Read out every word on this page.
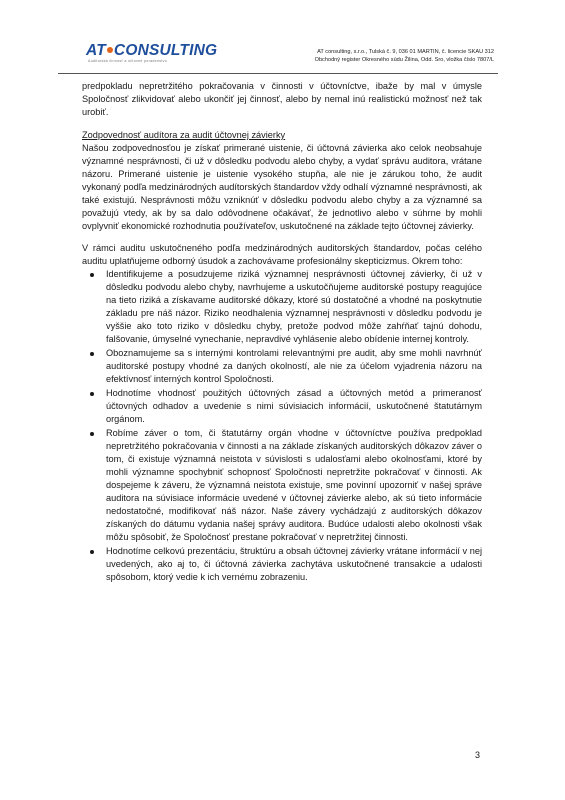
AT CONSULTING
Auditorská činnosť a účtovné poradenstvo
AT consulting, s.r.o., Tulská č. 9, 036 01 MARTIN, č. licencie SKAU 312
Obchodný register Okresného súdu Žilina, Odd. Sro, vložka číslo 7807/L

predpokladu nepretržitého pokračovania v činnosti v účtovníctve, ibaže by mal v úmysle Spoločnosť zlikvidovať alebo ukončiť jej činnosť, alebo by nemal inú realistickú možnosť než tak urobiť.

Zodpovednosť audítora za audit účtovnej závierky

Našou zodpovednosťou je získať primerané uistenie, či účtovná závierka ako celok neobsahuje významné nesprávnosti, či už v dôsledku podvodu alebo chyby, a vydať správu auditora, vrátane názoru. Primerané uistenie je uistenie vysokého stupňa, ale nie je zárukou toho, že audit vykonaný podľa medzinárodných audítorských štandardov vždy odhalí významné nesprávnosti, ak také existujú. Nesprávnosti môžu vzniknúť v dôsledku podvodu alebo chyby a za významné sa považujú vtedy, ak by sa dalo odôvodnene očakávať, že jednotlivo alebo v súhrne by mohli ovplyvniť ekonomické rozhodnutia používateľov, uskutočnené na základe tejto účtovnej závierky.

V rámci auditu uskutočneného podľa medzinárodných auditorských štandardov, počas celého auditu uplatňujeme odborný úsudok a zachovávame profesionálny skepticizmus. Okrem toho:

Identifikujeme a posudzujeme riziká významnej nesprávnosti účtovnej závierky, či už v dôsledku podvodu alebo chyby, navrhujeme a uskutočňujeme auditorské postupy reagujúce na tieto riziká a získavame auditorské dôkazy, ktoré sú dostatočné a vhodné na poskytnutie základu pre náš názor. Riziko neodhalenia významnej nesprávnosti v dôsledku podvodu je vyššie ako toto riziko v dôsledku chyby, pretože podvod môže zahŕňať tajnú dohodu, falšovanie, úmyselné vynechanie, nepravdivé vyhlásenie alebo obídenie internej kontroly.
Oboznamujeme sa s internými kontrolami relevantnými pre audit, aby sme mohli navrhnúť auditorské postupy vhodné za daných okolností, ale nie za účelom vyjadrenia názoru na efektívnosť interných kontrol Spoločnosti.
Hodnotíme vhodnosť použitých účtovných zásad a účtovných metód a primeranosť účtovných odhadov a uvedenie s nimi súvisiacich informácií, uskutočnené štatutárnym orgánom.
Robíme záver o tom, či štatutárny orgán vhodne v účtovníctve používa predpoklad nepretržitého pokračovania v činnosti a na základe získaných auditorských dôkazov záver o tom, či existuje významná neistota v súvislosti s udalosťami alebo okolnosťami, ktoré by mohli významne spochybniť schopnosť Spoločnosti nepretržite pokračovať v činnosti. Ak dospejeme k záveru, že významná neistota existuje, sme povinní upozorniť v našej správe auditora na súvisiace informácie uvedené v účtovnej závierke alebo, ak sú tieto informácie nedostatočné, modifikovať náš názor. Naše závery vychádzajú z auditorských dôkazov získaných do dátumu vydania našej správy auditora. Budúce udalosti alebo okolnosti však môžu spôsobiť, že Spoločnosť prestane pokračovať v nepretržitej činnosti.
Hodnotíme celkovú prezentáciu, štruktúru a obsah účtovnej závierky vrátane informácií v nej uvedených, ako aj to, či účtovná závierka zachytáva uskutočnené transakcie a udalosti spôsobom, ktorý vedie k ich vernému zobrazeniu.
3
